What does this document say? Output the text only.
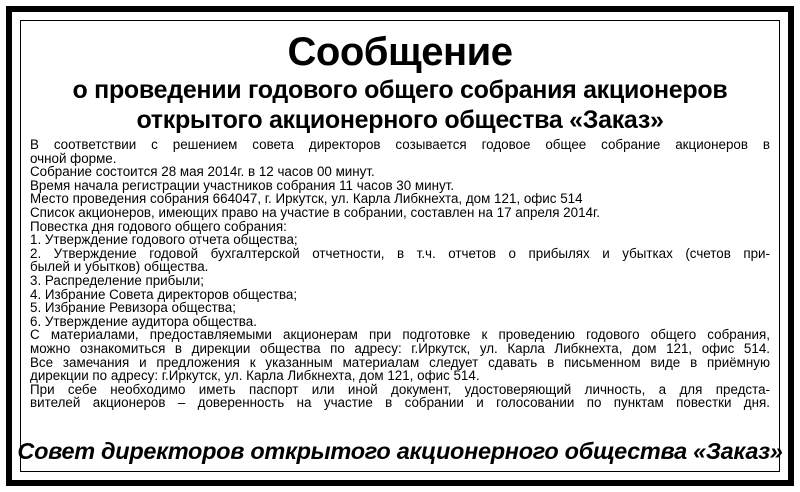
Сообщение
о проведении годового общего собрания акционеров
открытого акционерного общества «Заказ»
В соответствии с решением совета директоров созывается годовое общее собрание акционеров в
очной форме.
Собрание состоится 28 мая 2014г. в 12 часов 00 минут.
Время начала регистрации участников собрания 11 часов 30 минут.
Место проведения собрания 664047, г. Иркутск, ул. Карла Либкнехта, дом 121, офис 514
Список акционеров, имеющих право на участие в собрании, составлен на 17 апреля 2014г.
Повестка дня годового общего собрания:
1. Утверждение годового отчета общества;
2. Утверждение годовой бухгалтерской отчетности, в т.ч. отчетов о прибылях и убытках (счетов при-
былей и убытков) общества.
3. Распределение прибыли;
4. Избрание Совета директоров общества;
5. Избрание Ревизора общества;
6. Утверждение аудитора общества.
С материалами, предоставляемыми акционерам при подготовке к проведению годового общего собрания,
можно ознакомиться в дирекции общества по адресу: г.Иркутск, ул. Карла Либкнехта, дом 121, офис 514.
Все замечания и предложения к указанным материалам следует сдавать в письменном виде в приёмную
дирекции по адресу: г.Иркутск, ул. Карла Либкнехта, дом 121, офис 514.
При себе необходимо иметь паспорт или иной документ, удостоверяющий личность, а для предста-
вителей акционеров – доверенность на участие в собрании и голосовании по пунктам повестки дня.
Совет директоров открытого акционерного общества «Заказ»
